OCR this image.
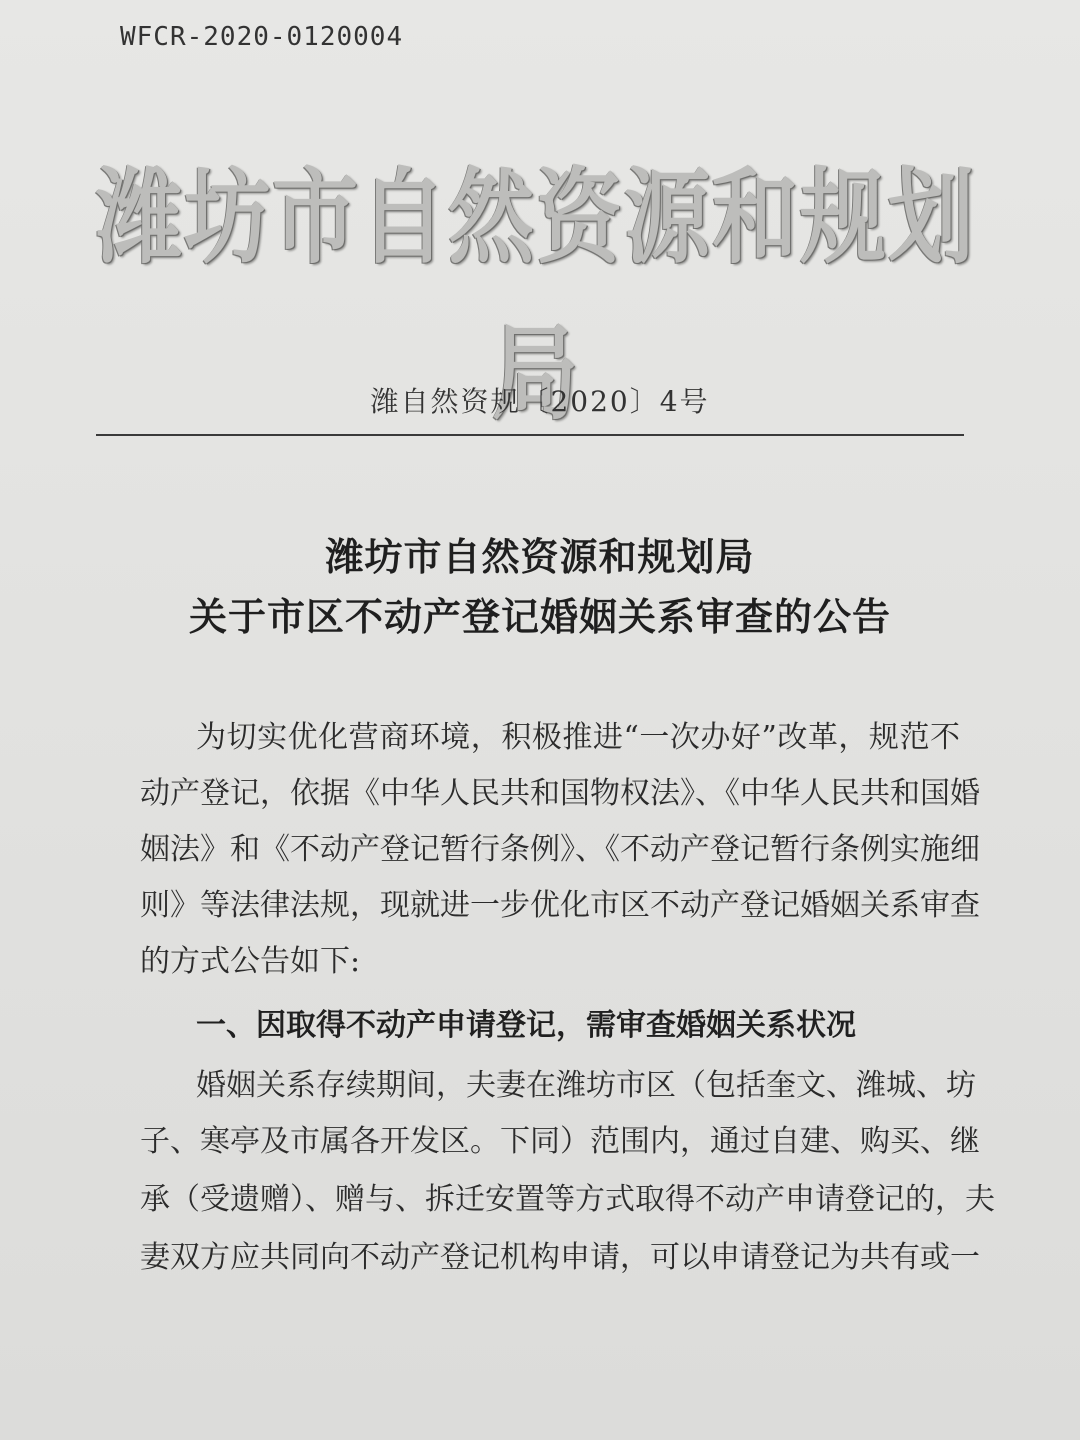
WFCR-2020-0120004
潍坊市自然资源和规划局
潍自然资规〔2020〕4号
潍坊市自然资源和规划局
关于市区不动产登记婚姻关系审查的公告
为切实优化营商环境，积极推进“一次办好”改革，规范不
动产登记，依据《中华人民共和国物权法》、《中华人民共和国婚
姻法》和《不动产登记暂行条例》、《不动产登记暂行条例实施细
则》等法律法规，现就进一步优化市区不动产登记婚姻关系审查
的方式公告如下:
一、因取得不动产申请登记，需审查婚姻关系状况
婚姻关系存续期间，夫妻在潍坊市区（包括奎文、潍城、坊
子、寒亭及市属各开发区。下同）范围内，通过自建、购买、继
承（受遗赠）、赠与、拆迁安置等方式取得不动产申请登记的，夫
妻双方应共同向不动产登记机构申请，可以申请登记为共有或一
